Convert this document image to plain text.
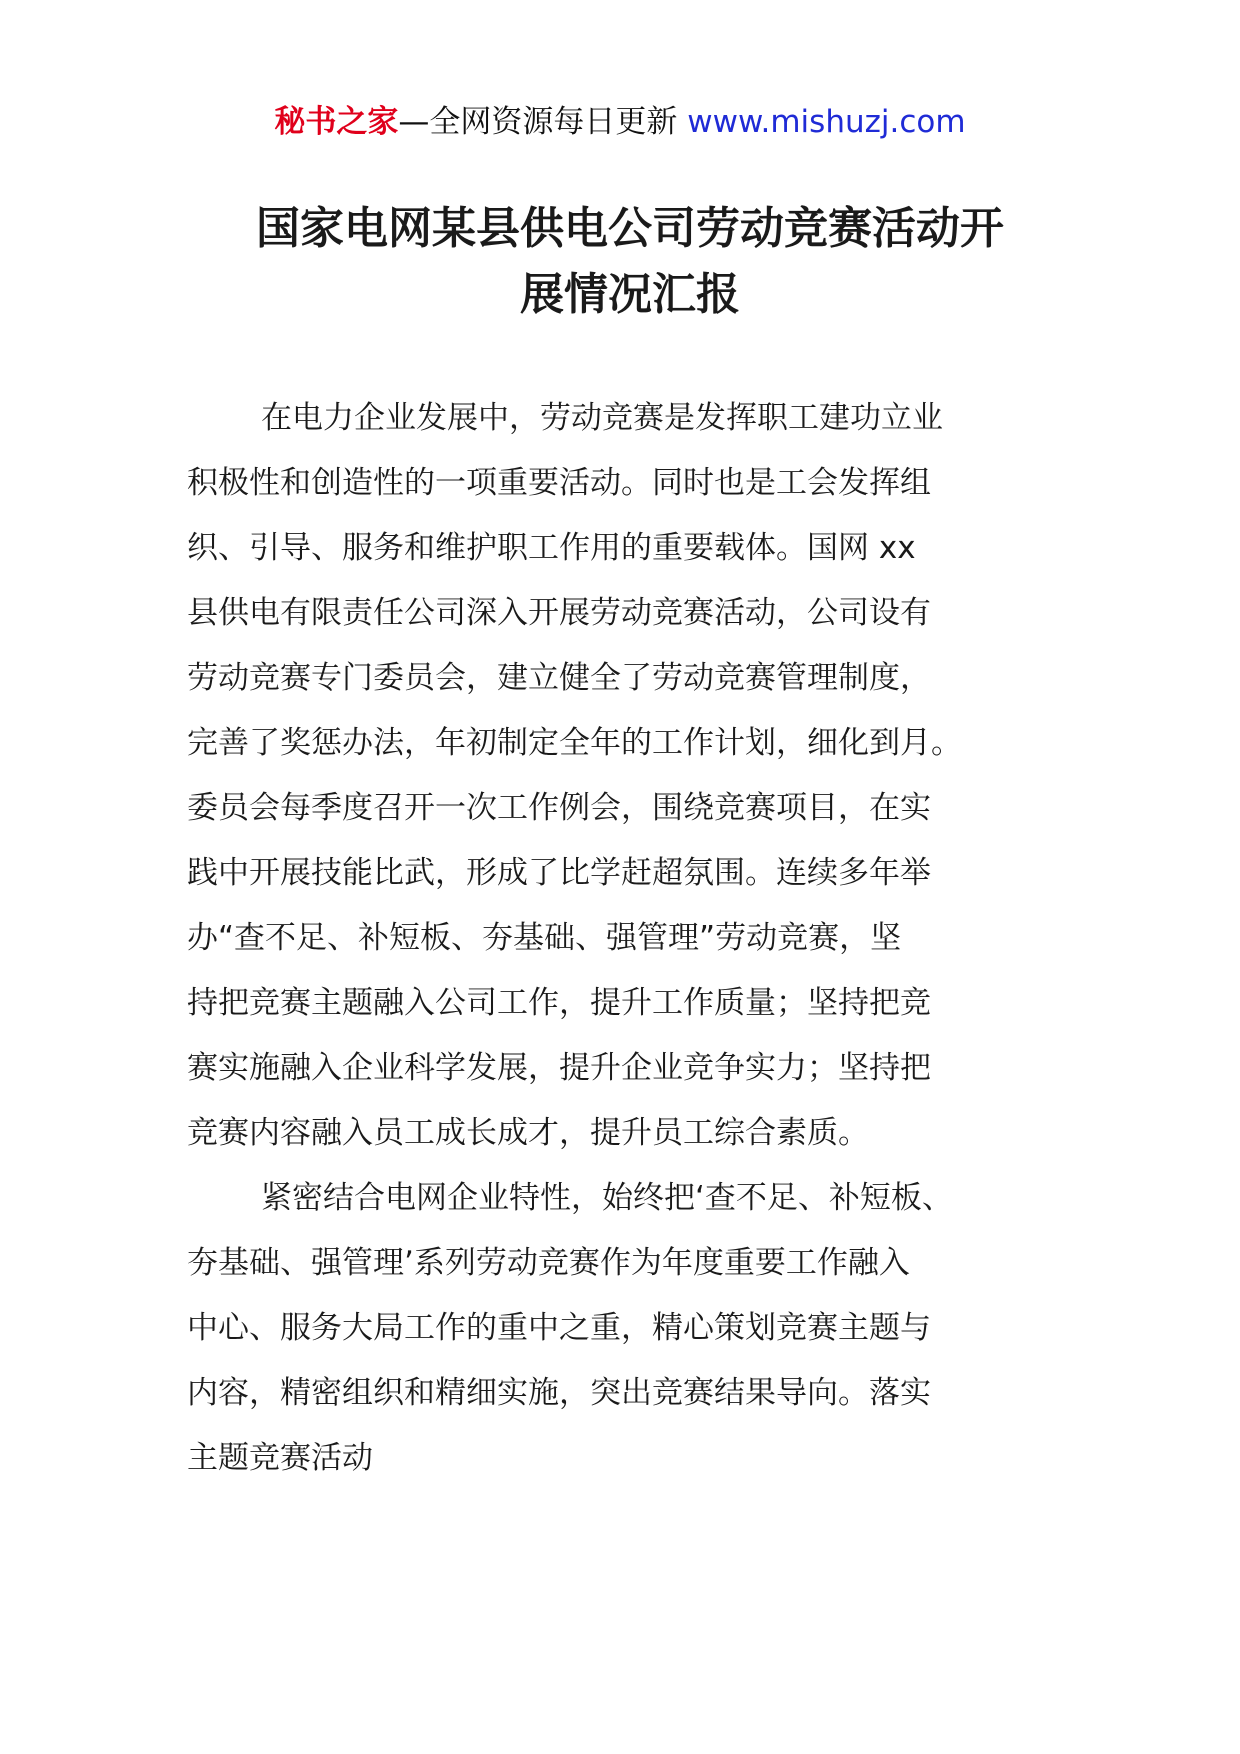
秘书之家—全网资源每日更新 www.mishuzj.com
国家电网某县供电公司劳动竞赛活动开
展情况汇报
在电力企业发展中，劳动竞赛是发挥职工建功立业
积极性和创造性的一项重要活动。同时也是工会发挥组
织、引导、服务和维护职工作用的重要载体。国网 xx
县供电有限责任公司深入开展劳动竞赛活动，公司设有
劳动竞赛专门委员会，建立健全了劳动竞赛管理制度，
完善了奖惩办法，年初制定全年的工作计划，细化到月。
委员会每季度召开一次工作例会，围绕竞赛项目，在实
践中开展技能比武，形成了比学赶超氛围。连续多年举
办“查不足、补短板、夯基础、强管理”劳动竞赛，坚
持把竞赛主题融入公司工作，提升工作质量；坚持把竞
赛实施融入企业科学发展，提升企业竞争实力；坚持把
竞赛内容融入员工成长成才，提升员工综合素质。
紧密结合电网企业特性，始终把‘查不足、补短板、
夯基础、强管理’系列劳动竞赛作为年度重要工作融入
中心、服务大局工作的重中之重，精心策划竞赛主题与
内容，精密组织和精细实施，突出竞赛结果导向。落实
主题竞赛活动
